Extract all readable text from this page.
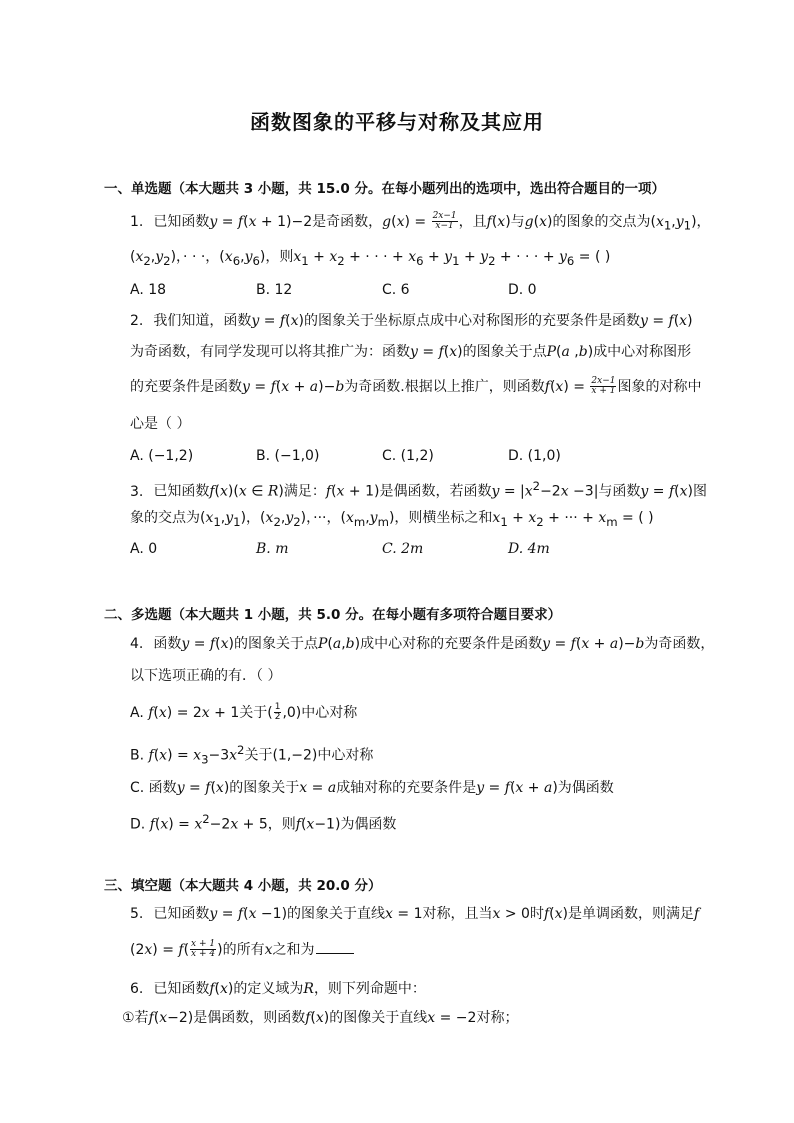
函数图象的平移与对称及其应用
一、单选题（本大题共 3 小题，共 15.0 分。在每小题列出的选项中，选出符合题目的一项）
1. 已知函数y = f(x + 1)−2是奇函数，$g(x) = \frac{2x-1}{x-1}$ ，且f(x)与g(x)的图象的交点为$(x_1,y_1)$，
$(x_2,y_2)$，· · ·，$(x_6,y_6)$，则$x_1 + x_2$ + · · · + $x_6 + y_1 + y_2$ + · · · + $y_6$ = ( )
A. 18	B. 12	C. 6	D. 0
2. 我们知道，函数y = f(x)的图象关于坐标原点成中心对称图形的充要条件是函数y = f(x)
为奇函数，有同学发现可以将其推广为：函数y = f(x)的图象关于点P(a ,b)成中心对称图形
的充要条件是函数y = f(x + a)−b为奇函数.根据以上推广，则函数$f(x) = \frac{2x-1}{x + 1}$ 图象的对称中
心是（ ）
A. (−1,2)	B. (−1,0)	C. (1,2)	D. (1,0)
3. 已知函数f(x)(x ∈ R)满足：f(x + 1)是偶函数，若函数$y = |x^2-2x -3|$与函数y = f(x)图
象的交点为$(x_1,y_1)$，$(x_2,y_2)$，···，$(x_m,y_m)$，则横坐标之和$x_1 + x_2$ + ··· + $x_m$ = ( )
A. 0	B. m	C. 2m	D. 4m
二、多选题（本大题共 1 小题，共 5.0 分。在每小题有多项符合题目要求）
4. 函数y = f(x)的图象关于点P(a,b)成中心对称的充要条件是函数y = f(x + a)−b为奇函数，
以下选项正确的有．（ ）
A. f(x) = 2x + 1关于( $\frac{1}{2} ,0$)中心对称
B. $f(x) = x_3-3x^2$关于(1,−2)中心对称
C. 函数y = f(x)的图象关于x = a成轴对称的充要条件是y = f(x + a)为偶函数
D. $f(x) = x^2-2x + 5$，则f(x−1)为偶函数
三、填空题（本大题共 4 小题，共 20.0 分）
5. 已知函数y = f(x −1)的图象关于直线x = 1对称，且当x > 0时f(x)是单调函数，则满足f
$(2x) = f( \frac{x + 1}{x + 4}$ )的所有x之和为
6. 已知函数f(x)的定义域为R，则下列命题中：
①若f(x−2)是偶函数，则函数f(x)的图像关于直线x = −2对称；
